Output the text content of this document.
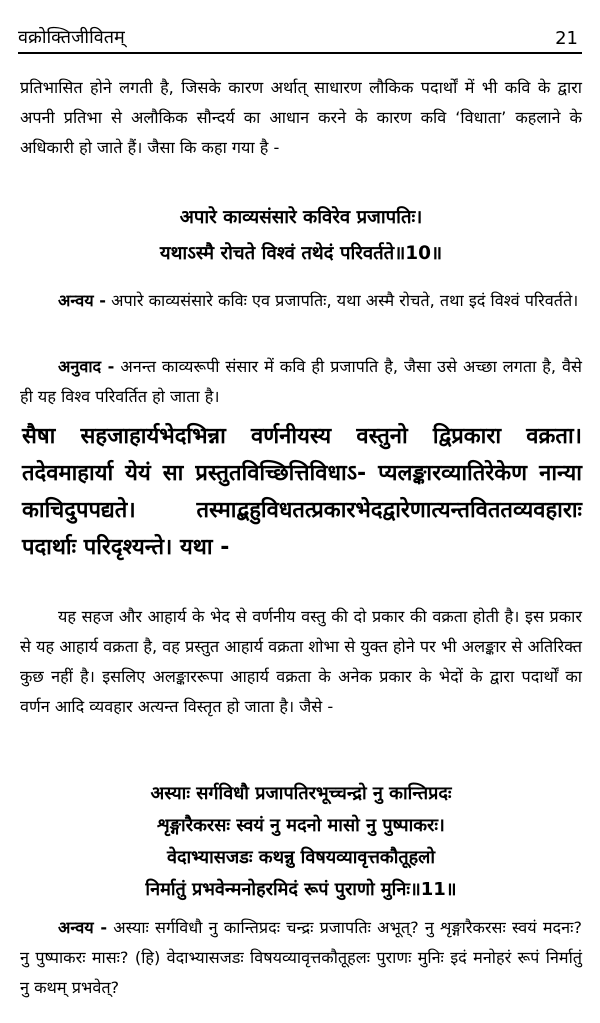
वक्रोक्तिजीवितम्	21

प्रतिभासित होने लगती है, जिसके कारण अर्थात् साधारण लौकिक पदार्थों में भी कवि के द्वारा अपनी प्रतिभा से अलौकिक सौन्दर्य का आधान करने के कारण कवि ‘विधाता’ कहलाने के अधिकारी हो जाते हैं। जैसा कि कहा गया है -

अपारे काव्यसंसारे कविरेव प्रजापतिः।

यथाऽस्मै रोचते विश्वं तथेदं परिवर्तते॥10॥

अन्वय - अपारे काव्यसंसारे कविः एव प्रजापतिः, यथा अस्मै रोचते, तथा इदं विश्वं परिवर्तते।

अनुवाद - अनन्त काव्यरूपी संसार में कवि ही प्रजापति है, जैसा उसे अच्छा लगता है, वैसे ही यह विश्व परिवर्तित हो जाता है।

सैषा सहजाहार्यभेदभिन्ना वर्णनीयस्य वस्तुनो द्विप्रकारा वक्रता। तदेवमाहार्या येयं सा प्रस्तुतविच्छित्तिविधाऽ- प्यलङ्कारव्यातिरेकेण नान्या काचिदुपपद्यते। तस्माद्बहुविधतत्प्रकारभेदद्वारेणात्यन्तविततव्यवहाराः पदार्थाः परिदृश्यन्ते। यथा -

यह सहज और आहार्य के भेद से वर्णनीय वस्तु की दो प्रकार की वक्रता होती है। इस प्रकार से यह आहार्य वक्रता है, वह प्रस्तुत आहार्य वक्रता शोभा से युक्त होने पर भी अलङ्कार से अतिरिक्त कुछ नहीं है। इसलिए अलङ्काररूपा आहार्य वक्रता के अनेक प्रकार के भेदों के द्वारा पदार्थों का वर्णन आदि व्यवहार अत्यन्त विस्तृत हो जाता है। जैसे -

अस्याः सर्गविधौ प्रजापतिरभूच्चन्द्रो नु कान्तिप्रदः

शृङ्गारैकरसः स्वयं नु मदनो मासो नु पुष्पाकरः।

वेदाभ्यासजडः कथन्नु विषयव्यावृत्तकौतूहलो

निर्मातुं प्रभवेन्मनोहरमिदं रूपं पुराणो मुनिः॥11॥

अन्वय - अस्याः सर्गविधौ नु कान्तिप्रदः चन्द्रः प्रजापतिः अभूत्? नु शृङ्गारैकरसः स्वयं मदनः? नु पुष्पाकरः मासः? (हि) वेदाभ्यासजडः विषयव्यावृत्तकौतूहलः पुराणः मुनिः इदं मनोहरं रूपं निर्मातुं नु कथम् प्रभवेत्?
